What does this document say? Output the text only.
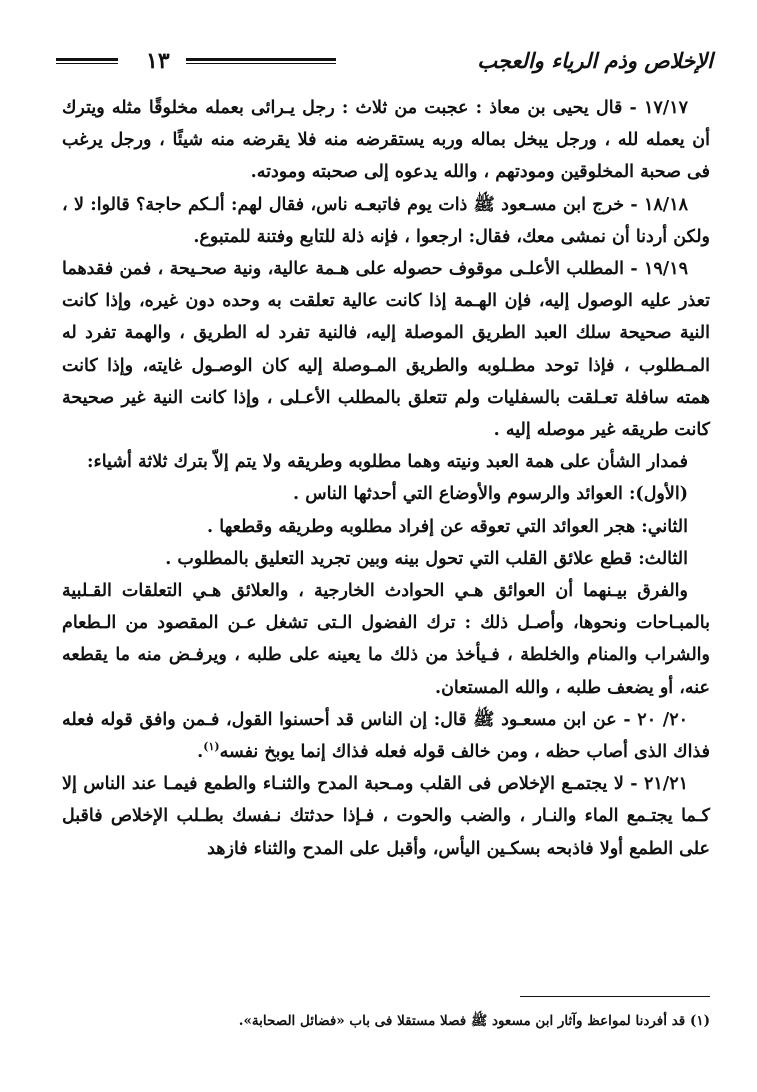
١٣	الإخلاص وذم الرياء والعجب

١٧/١٧ - قال يحيى بن معاذ : عجبت من ثلاث : رجل يـرائى بعمله مخلوقًا مثله ويترك أن يعمله لله ، ورجل يبخل بماله وربه يستقرضه منه فلا يقرضه منه شيئًا ، ورجل يرغب فى صحبة المخلوقين ومودتهم ، والله يدعوه إلى صحبته ومودته.

١٨/١٨ - خرج ابن مسـعود ﷺ ذات يوم فاتبعـه ناس، فقال لهم: ألـكم حاجة؟ قالوا: لا ، ولكن أردنا أن نمشى معك، فقال: ارجعوا ، فإنه ذلة للتابع وفتنة للمتبوع.

١٩/١٩ - المطلب الأعلـى موقوف حصوله على هـمة عالية، ونية صحـيحة ، فمن فقدهما تعذر عليه الوصول إليه، فإن الهـمة إذا كانت عالية تعلقت به وحده دون غيره، وإذا كانت النية صحيحة سلك العبد الطريق الموصلة إليه، فالنية تفرد له الطريق ، والهمة تفرد له المـطلوب ، فإذا توحد مطـلوبه والطريق المـوصلة إليه كان الوصـول غايته، وإذا كانت همته سافلة تعـلقت بالسفليات ولم تتعلق بالمطلب الأعـلى ، وإذا كانت النية غير صحيحة كانت طريقه غير موصله إليه .

فمدار الشأن على همة العبد ونيته وهما مطلوبه وطريقه ولا يتم إلاّ بترك ثلاثة أشياء:

(الأول): العوائد والرسوم والأوضاع التي أحدثها الناس .

الثاني: هجر العوائد التي تعوقه عن إفراد مطلوبه وطريقه وقطعها .

الثالث: قطع علائق القلب التي تحول بينه وبين تجريد التعليق بالمطلوب .

والفرق بيـنهما أن العوائق هـي الحوادث الخارجية ، والعلائق هـي التعلقات القـلبية بالمبـاحات ونحوها، وأصـل ذلك : ترك الفضول الـتى تشغل عـن المقصود من الـطعام والشراب والمنام والخلطة ، فـيأخذ من ذلك ما يعينه على طلبه ، ويرفـض منه ما يقطعه عنه، أو يضعف طلبه ، والله المستعان.

٢٠/ ٢٠ - عن ابن مسعـود ﷺ قال: إن الناس قد أحسنوا القول، فـمن وافق قوله فعله فذاك الذى أصاب حظه ، ومن خالف قوله فعله فذاك إنما يوبخ نفسه$^{(١)}$.

٢١/٢١ - لا يجتمـع الإخلاص فى القلب ومـحبة المدح والثنـاء والطمع فيمـا عند الناس إلا كـما يجتـمع الماء والنـار ، والضب والحوت ، فـإذا حدثتك نـفسك بطـلب الإخلاص فاقبل على الطمع أولا فاذبحه بسكـين اليأس، وأقبل على المدح والثناء فازهد

(١) قد أفردنا لمواعظ وآثار ابن مسعود ﷺ فصلا مستقلا فى باب «فضائل الصحابة».
